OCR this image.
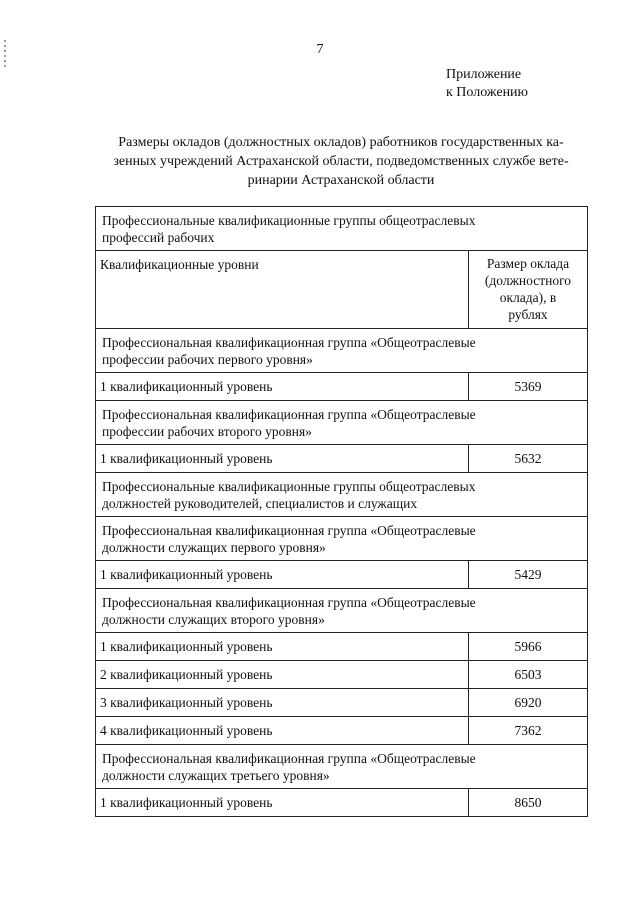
7
Приложение
к Положению
Размеры окладов (должностных окладов) работников государственных ка-
зенных учреждений Астраханской области, подведомственных службе вете-
ринарии Астраханской области
Профессиональные квалификационные группы общеотраслевых
профессий рабочих	

Квалификационные уровни	Размер оклада
(должностного
оклада), в
рублях

Профессиональная квалификационная группа «Общеотраслевые
профессии рабочих первого уровня»	

1 квалификационный уровень	5369

Профессиональная квалификационная группа «Общеотраслевые
профессии рабочих второго уровня»	

1 квалификационный уровень	5632

Профессиональные квалификационные группы общеотраслевых
должностей руководителей, специалистов и служащих	

Профессиональная квалификационная группа «Общеотраслевые
должности служащих первого уровня»	

1 квалификационный уровень	5429

Профессиональная квалификационная группа «Общеотраслевые
должности служащих второго уровня»	

1 квалификационный уровень	5966
2 квалификационный уровень	6503
3 квалификационный уровень	6920
4 квалификационный уровень	7362

Профессиональная квалификационная группа «Общеотраслевые
должности служащих третьего уровня»	

1 квалификационный уровень	8650
